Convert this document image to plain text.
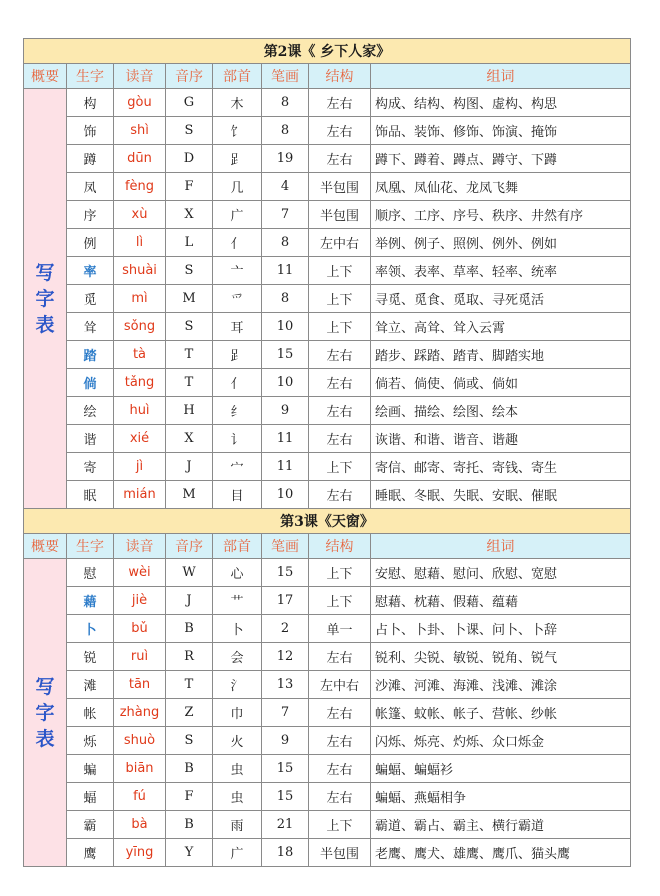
第2课《 乡下人家》							
概要	生字	读音	音序	部首	笔画	结构	组词

写
字
表	构	gòu	G	木	8	左右	构成、结构、构图、虚构、构思
	饰	shì	S	饣	8	左右	饰品、装饰、修饰、饰演、掩饰
	蹲	dūn	D	𧾷	19	左右	蹲下、蹲着、蹲点、蹲守、下蹲
	凤	fèng	F	几	4	半包围	凤凰、凤仙花、龙凤飞舞
	序	xù	X	广	7	半包围	顺序、工序、序号、秩序、井然有序
	例	lì	L	亻	8	左中右	举例、例子、照例、例外、例如
	率	shuài	S	亠	11	上下	率领、表率、草率、轻率、统率
	觅	mì	M	爫	8	上下	寻觅、觅食、觅取、寻死觅活
	耸	sǒng	S	耳	10	上下	耸立、高耸、耸入云霄
	踏	tà	T	𧾷	15	左右	踏步、踩踏、踏青、脚踏实地
	倘	tǎng	T	亻	10	左右	倘若、倘使、倘或、倘如
	绘	huì	H	纟	9	左右	绘画、描绘、绘图、绘本
	谐	xié	X	讠	11	左右	诙谐、和谐、谐音、谐趣
	寄	jì	J	宀	11	上下	寄信、邮寄、寄托、寄钱、寄生
	眠	mián	M	目	10	左右	睡眠、冬眠、失眠、安眠、催眠
第3课《天窗》							
概要	生字	读音	音序	部首	笔画	结构	组词

写
字
表	慰	wèi	W	心	15	上下	安慰、慰藉、慰问、欣慰、宽慰
	藉	jiè	J	艹	17	上下	慰藉、枕藉、假藉、蕴藉
	卜	bǔ	B	卜	2	单一	占卜、卜卦、卜课、问卜、卜辞
	锐	ruì	R	会	12	左右	锐利、尖锐、敏锐、锐角、锐气
	滩	tān	T	氵	13	左中右	沙滩、河滩、海滩、浅滩、滩涂
	帐	zhàng	Z	巾	7	左右	帐篷、蚊帐、帐子、营帐、纱帐
	烁	shuò	S	火	9	左右	闪烁、烁亮、灼烁、众口烁金
	蝙	biān	B	虫	15	左右	蝙蝠、蝙蝠衫
	蝠	fú	F	虫	15	左右	蝙蝠、燕蝠相争
	霸	bà	B	雨	21	上下	霸道、霸占、霸主、横行霸道
	鹰	yīng	Y	广	18	半包围	老鹰、鹰犬、雄鹰、鹰爪、猫头鹰
